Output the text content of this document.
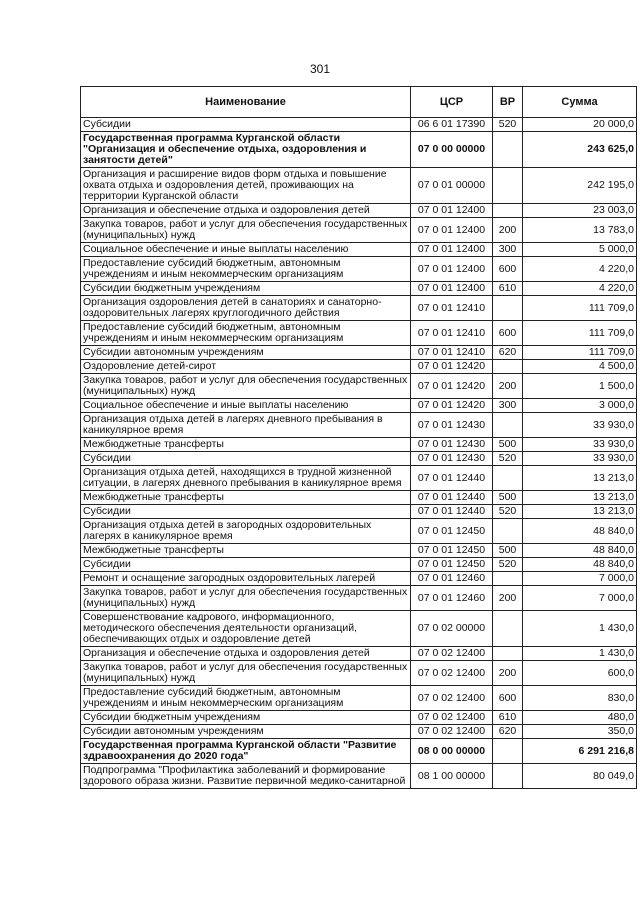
301
Наименование	ЦСР	ВР	Сумма
Субсидии	06 6 01 17390	520	20 000,0
Государственная программа Курганской области "Организация и обеспечение отдыха, оздоровления и занятости детей"	07 0 00 00000		243 625,0
Организация и расширение видов форм отдыха и повышение охвата отдыха и оздоровления детей, проживающих на территории Курганской области	07 0 01 00000		242 195,0
Организация и обеспечение отдыха и оздоровления детей	07 0 01 12400		23 003,0
Закупка товаров, работ и услуг для обеспечения государственных (муниципальных) нужд	07 0 01 12400	200	13 783,0
Социальное обеспечение и иные выплаты населению	07 0 01 12400	300	5 000,0
Предоставление субсидий бюджетным, автономным учреждениям и иным некоммерческим организациям	07 0 01 12400	600	4 220,0
Субсидии бюджетным учреждениям	07 0 01 12400	610	4 220,0
Организация оздоровления детей в санаториях и санаторно-оздоровительных лагерях круглогодичного действия	07 0 01 12410		111 709,0
Предоставление субсидий бюджетным, автономным учреждениям и иным некоммерческим организациям	07 0 01 12410	600	111 709,0
Субсидии автономным учреждениям	07 0 01 12410	620	111 709,0
Оздоровление детей-сирот	07 0 01 12420		4 500,0
Закупка товаров, работ и услуг для обеспечения государственных (муниципальных) нужд	07 0 01 12420	200	1 500,0
Социальное обеспечение и иные выплаты населению	07 0 01 12420	300	3 000,0
Организация отдыха детей в лагерях дневного пребывания в каникулярное время	07 0 01 12430		33 930,0
Межбюджетные трансферты	07 0 01 12430	500	33 930,0
Субсидии	07 0 01 12430	520	33 930,0
Организация отдыха детей, находящихся в трудной жизненной ситуации, в лагерях дневного пребывания в каникулярное время	07 0 01 12440		13 213,0
Межбюджетные трансферты	07 0 01 12440	500	13 213,0
Субсидии	07 0 01 12440	520	13 213,0
Организация отдыха детей в загородных оздоровительных лагерях в каникулярное время	07 0 01 12450		48 840,0
Межбюджетные трансферты	07 0 01 12450	500	48 840,0
Субсидии	07 0 01 12450	520	48 840,0
Ремонт и оснащение загородных оздоровительных лагерей	07 0 01 12460		7 000,0
Закупка товаров, работ и услуг для обеспечения государственных (муниципальных) нужд	07 0 01 12460	200	7 000,0
Совершенствование кадрового, информационного, методического обеспечения деятельности организаций, обеспечивающих отдых и оздоровление детей	07 0 02 00000		1 430,0
Организация и обеспечение отдыха и оздоровления детей	07 0 02 12400		1 430,0
Закупка товаров, работ и услуг для обеспечения государственных (муниципальных) нужд	07 0 02 12400	200	600,0
Предоставление субсидий бюджетным, автономным учреждениям и иным некоммерческим организациям	07 0 02 12400	600	830,0
Субсидии бюджетным учреждениям	07 0 02 12400	610	480,0
Субсидии автономным учреждениям	07 0 02 12400	620	350,0
Государственная программа Курганской области "Развитие здравоохранения до 2020 года"	08 0 00 00000		6 291 216,8
Подпрограмма "Профилактика заболеваний и формирование здорового образа жизни. Развитие первичной медико-санитарной	08 1 00 00000		80 049,0
